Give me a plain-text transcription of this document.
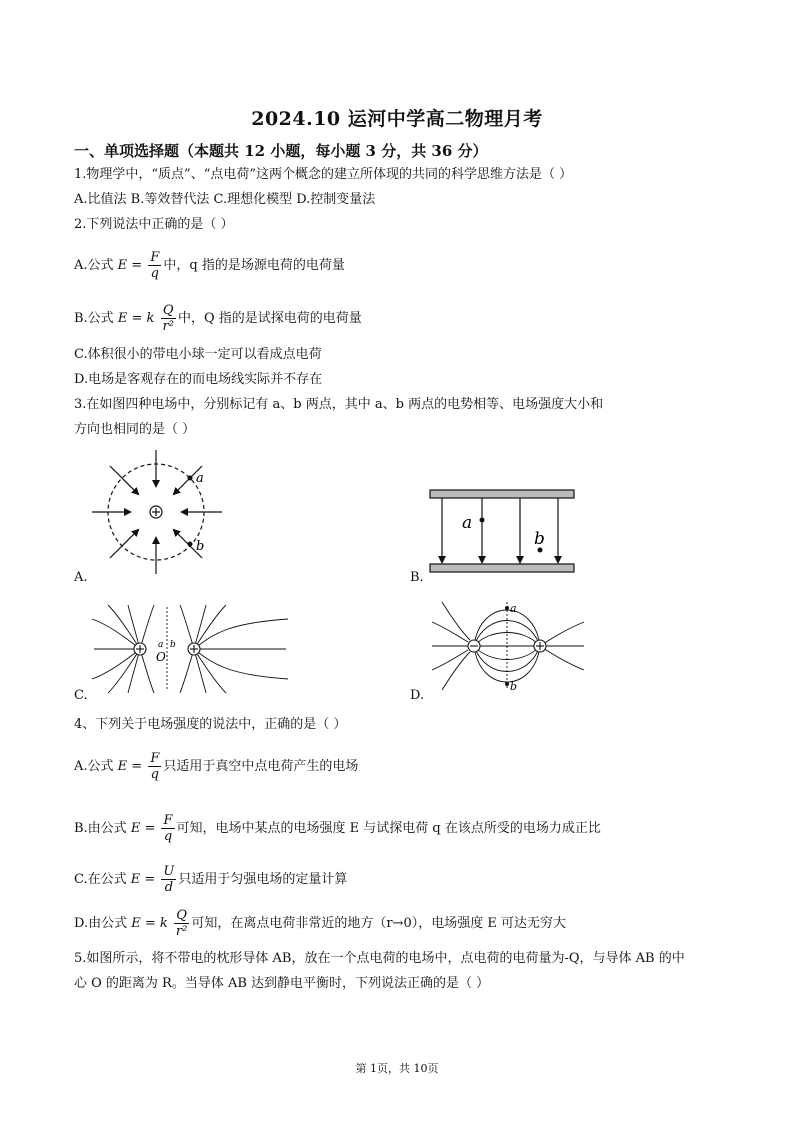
2024.10 运河中学高二物理月考
一、单项选择题（本题共 12 小题，每小题 3 分，共 36 分）
1.物理学中，“质点”、“点电荷”这两个概念的建立所体现的共同的科学思维方法是（ ）
A.比值法 B.等效替代法 C.理想化模型 D.控制变量法
2.下列说法中正确的是（ ）
A.公式 $E = \frac{F}{q}$ 中，q 指的是场源电荷的电荷量
B.公式 E = k $\frac{Q}{\text{r²}}$ 中，Q 指的是试探电荷的电荷量
C.体积很小的带电小球一定可以看成点电荷
D.电场是客观存在的而电场线实际并不存在
3.在如图四种电场中，分别标记有 a、b 两点，其中 a、b 两点的电势相等、电场强度大小和
方向也相同的是（ ）
a
b
A.
a
b
B.
O
a b
C.
a
b
D.
4、下列关于电场强度的说法中，正确的是（ ）
A.公式 $E = \frac{F}{q}$ 只适用于真空中点电荷产生的电场
B.由公式 $E = \frac{F}{q}$ 可知，电场中某点的电场强度 E 与试探电荷 q 在该点所受的电场力成正比
C.在公式 $E = \frac{U}{d}$ 只适用于匀强电场的定量计算
D.由公式 E = k $\frac{Q}{\text{r²}}$ 可知，在离点电荷非常近的地方（r→0），电场强度 E 可达无穷大
5.如图所示，将不带电的枕形导体 AB，放在一个点电荷的电场中，点电荷的电荷量为-Q，与导体 AB 的中
心 O 的距离为 R。当导体 AB 达到静电平衡时，下列说法正确的是（ ）
第 1页，共 10页
